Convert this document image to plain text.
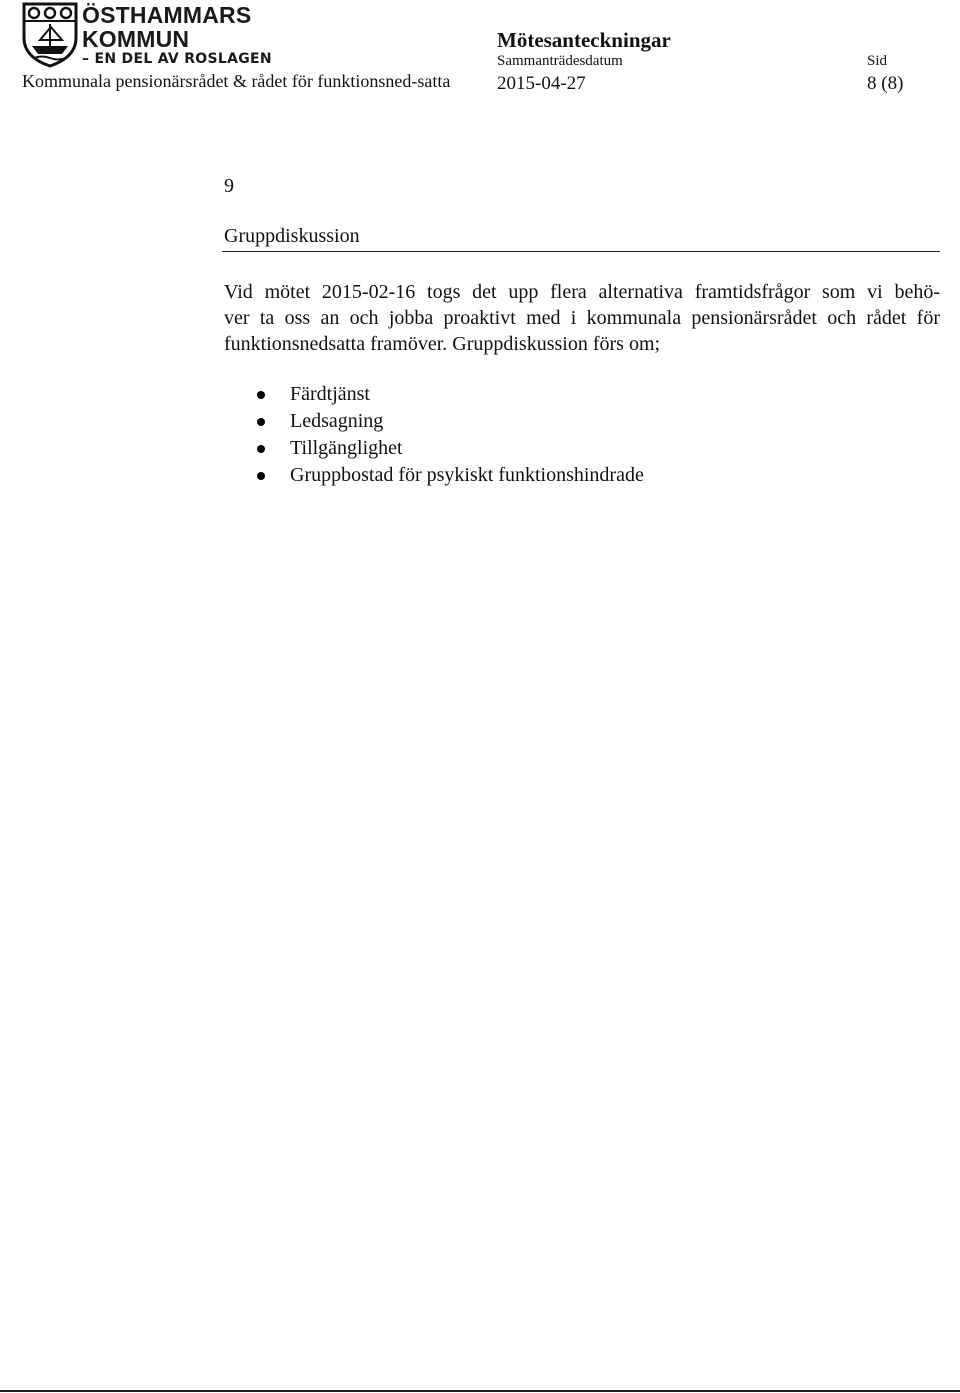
ÖSTHAMMARS
KOMMUN
– EN DEL AV ROSLAGEN
Kommunala pensionärsrådet & rådet för funktionsned-satta
Mötesanteckningar
Sammanträdesdatum
2015-04-27
Sid
8 (8)
9
Gruppdiskussion
Vid mötet 2015-02-16 togs det upp flera alternativa framtidsfrågor som vi behö-
ver ta oss an och jobba proaktivt med i kommunala pensionärsrådet och rådet för
funktionsnedsatta framöver. Gruppdiskussion förs om;
Färdtjänst
Ledsagning
Tillgänglighet
Gruppbostad för psykiskt funktionshindrade
